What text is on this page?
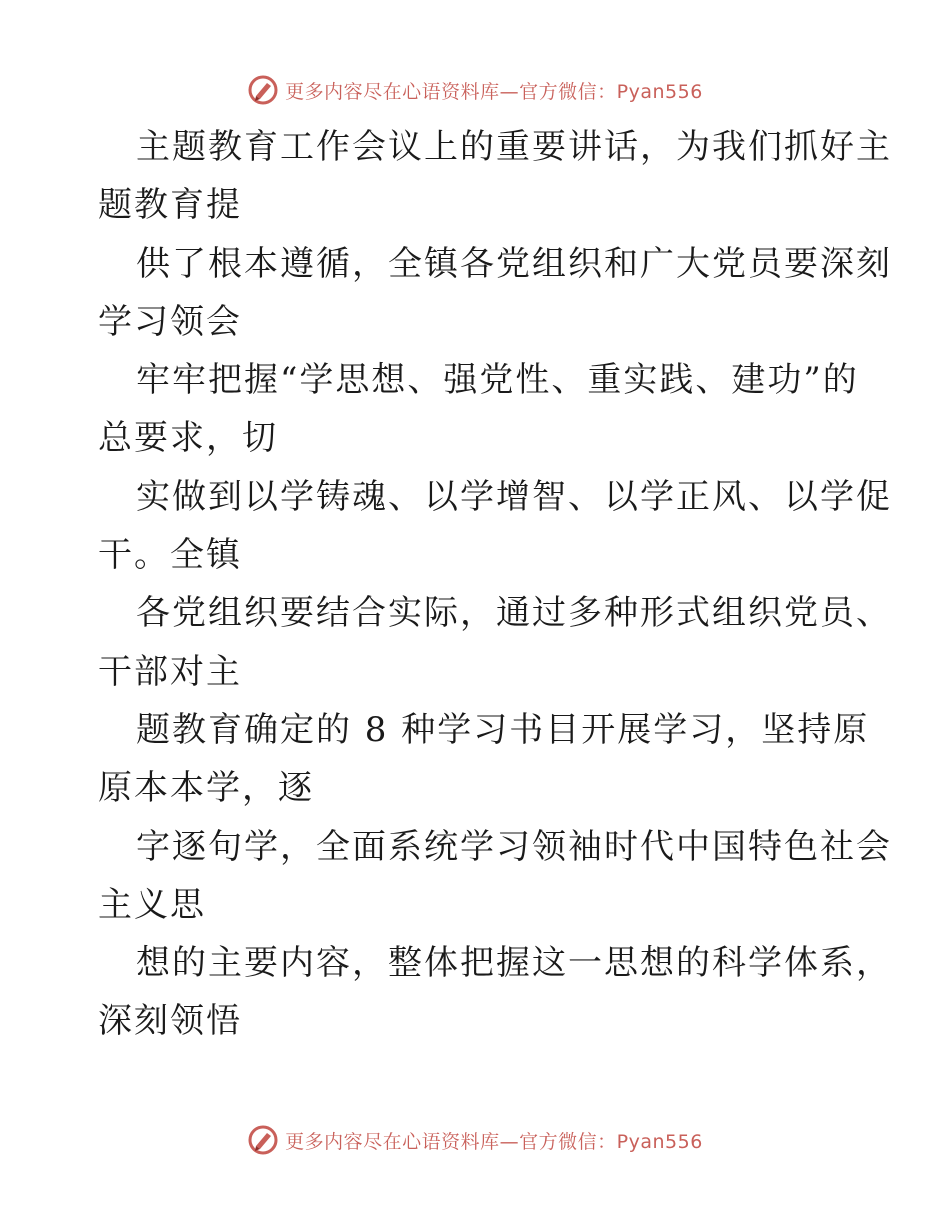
更多内容尽在心语资料库—官方微信：Pyan556
主题教育工作会议上的重要讲话，为我们抓好主
题教育提
供了根本遵循，全镇各党组织和广大党员要深刻
学习领会
牢牢把握“学思想、强党性、重实践、建功”的
总要求，切
实做到以学铸魂、以学增智、以学正风、以学促
干。全镇
各党组织要结合实际，通过多种形式组织党员、
干部对主
题教育确定的 8 种学习书目开展学习，坚持原
原本本学，逐
字逐句学，全面系统学习领袖时代中国特色社会
主义思
想的主要内容，整体把握这一思想的科学体系，
深刻领悟
更多内容尽在心语资料库—官方微信：Pyan556
